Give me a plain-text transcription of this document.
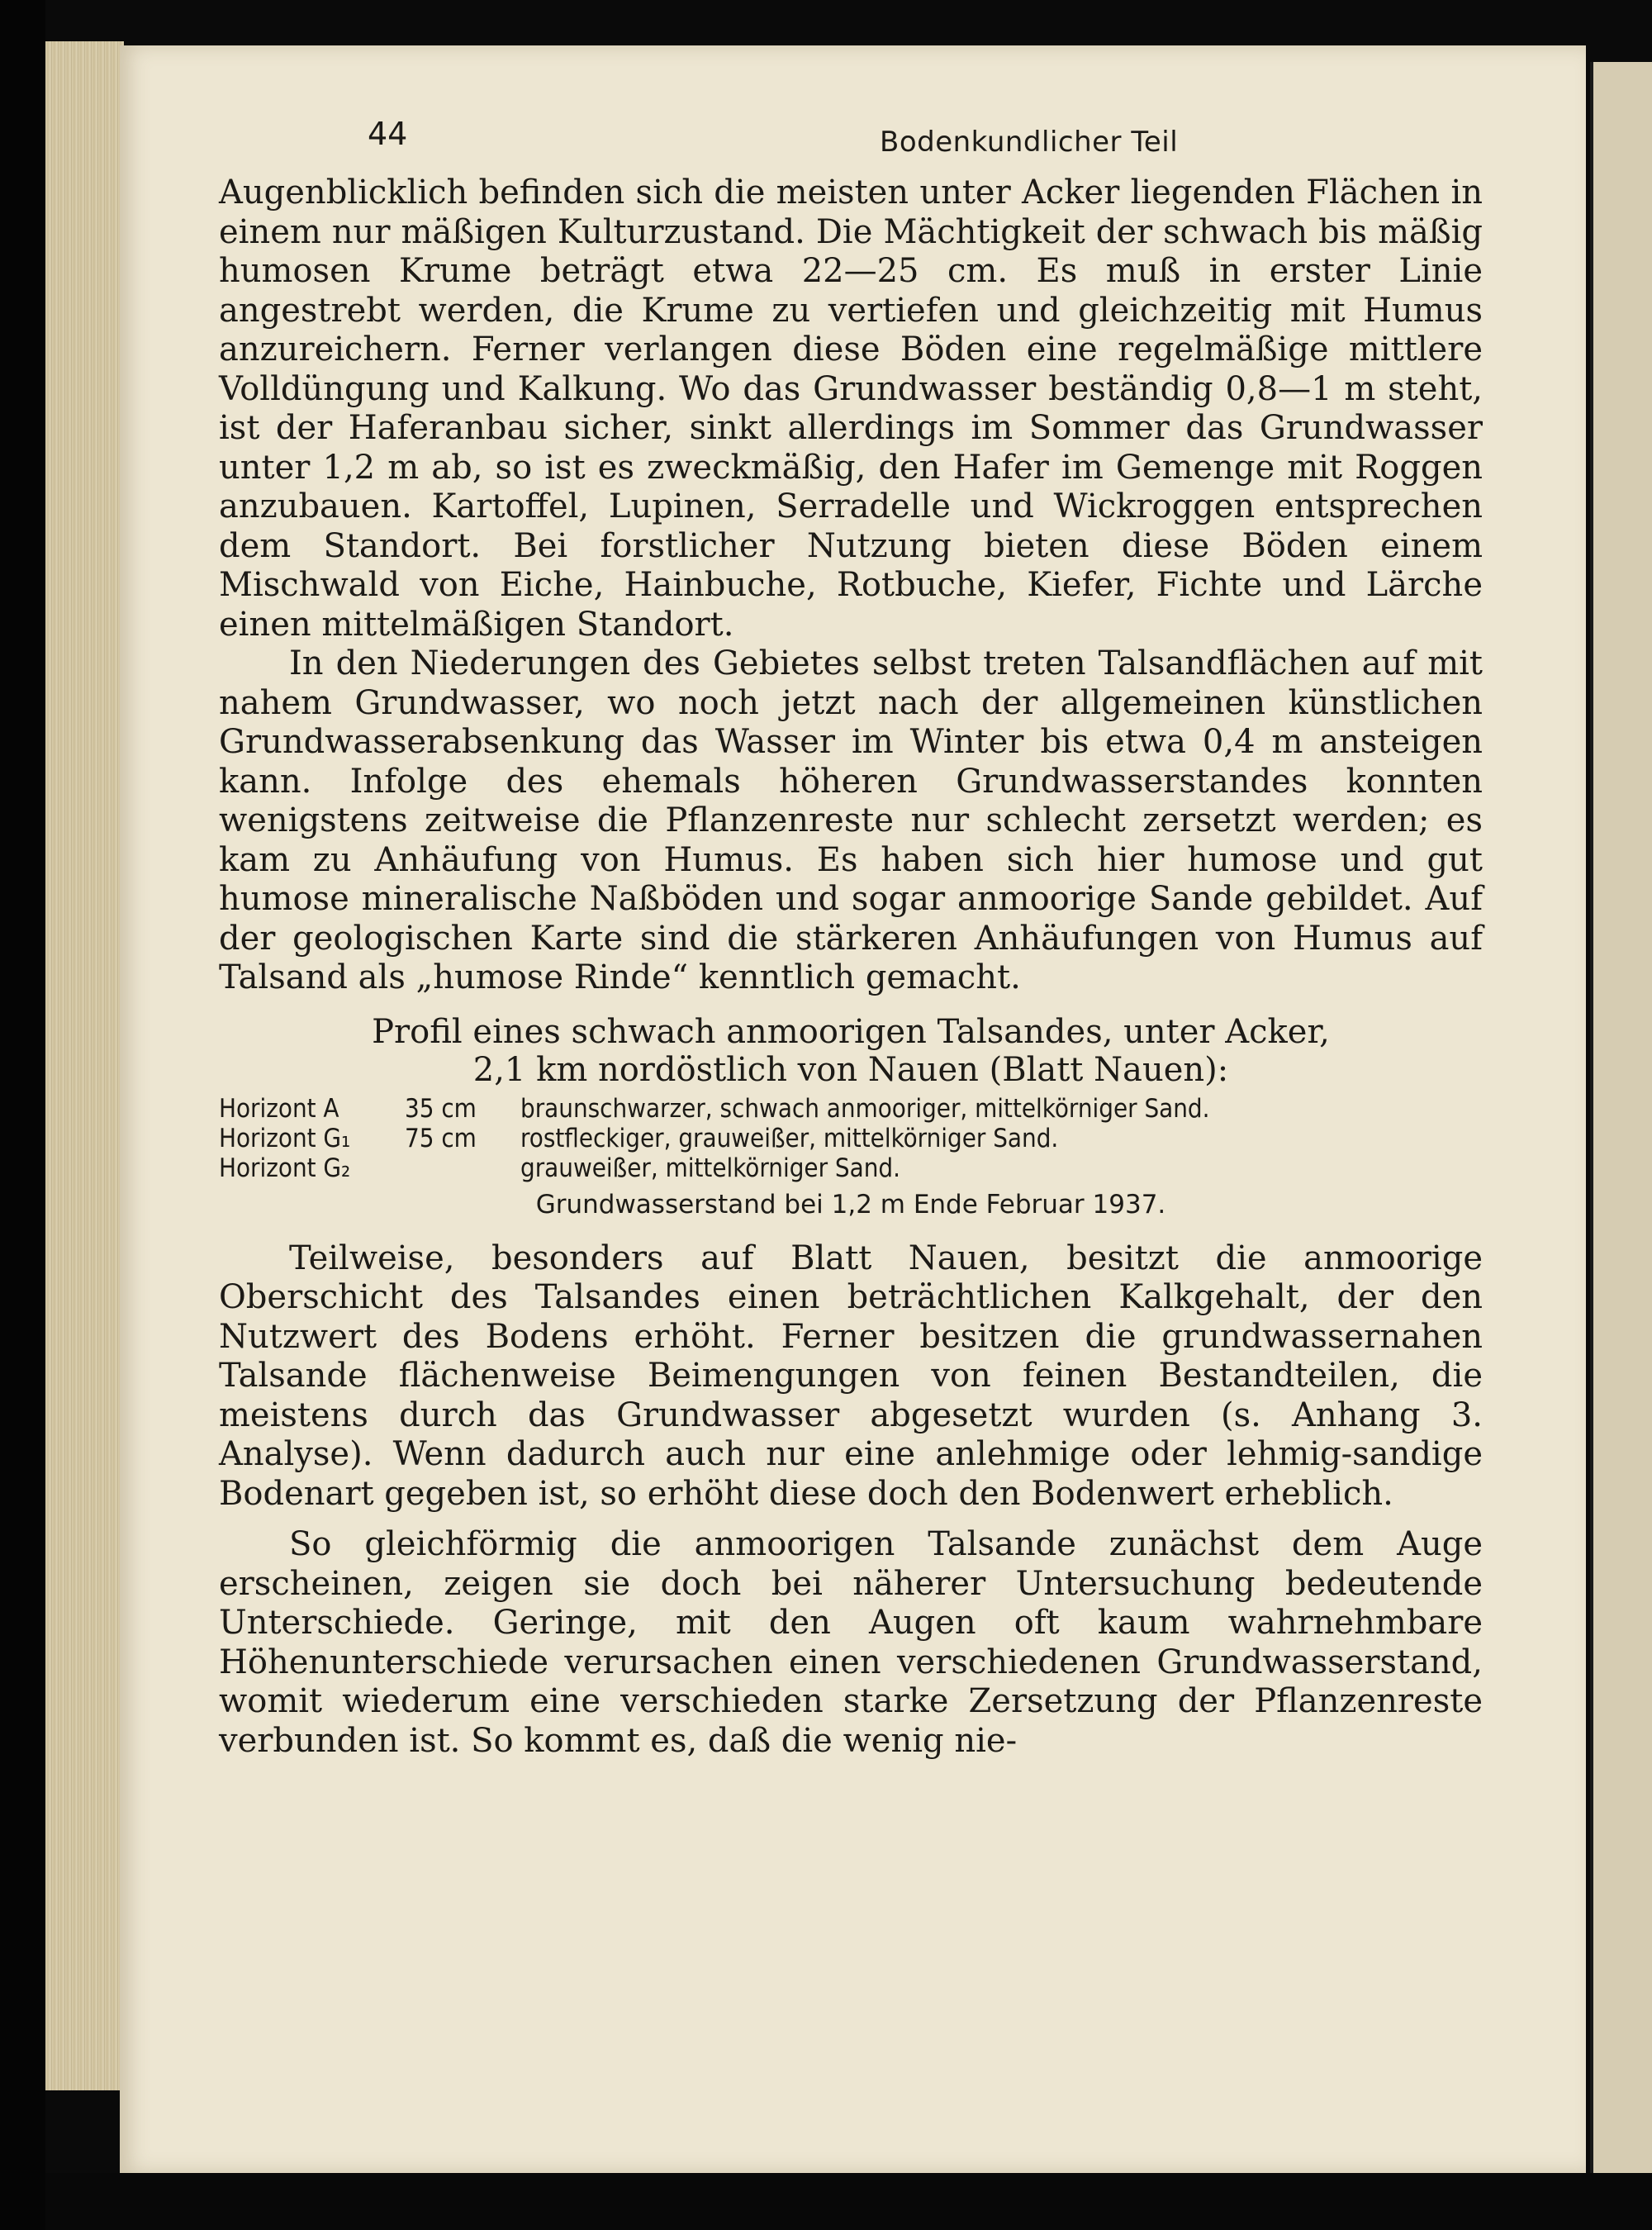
44	Bodenkundlicher Teil

Augenblicklich befinden sich die meisten unter Acker liegenden Flächen in einem nur mäßigen Kulturzustand. Die Mächtigkeit der schwach bis mäßig humosen Krume beträgt etwa 22—25 cm. Es muß in erster Linie angestrebt werden, die Krume zu vertiefen und gleichzeitig mit Humus anzureichern. Ferner verlangen diese Böden eine regelmäßige mittlere Volldüngung und Kalkung. Wo das Grundwasser beständig 0,8—1 m steht, ist der Haferanbau sicher, sinkt allerdings im Sommer das Grundwasser unter 1,2 m ab, so ist es zweckmäßig, den Hafer im Gemenge mit Roggen anzubauen. Kartoffel, Lupinen, Serradelle und Wickroggen entsprechen dem Standort. Bei forstlicher Nutzung bieten diese Böden einem Mischwald von Eiche, Hainbuche, Rotbuche, Kiefer, Fichte und Lärche einen mittelmäßigen Standort.

In den Niederungen des Gebietes selbst treten Talsandflächen auf mit nahem Grundwasser, wo noch jetzt nach der allgemeinen künstlichen Grundwasserabsenkung das Wasser im Winter bis etwa 0,4 m ansteigen kann. Infolge des ehemals höheren Grundwasserstandes konnten wenigstens zeitweise die Pflanzenreste nur schlecht zersetzt werden; es kam zu Anhäufung von Humus. Es haben sich hier humose und gut humose mineralische Naßböden und sogar anmoorige Sande gebildet. Auf der geologischen Karte sind die stärkeren Anhäufungen von Humus auf Talsand als „humose Rinde“ kenntlich gemacht.

Profil eines schwach anmoorigen Talsandes, unter Acker,
2,1 km nordöstlich von Nauen (Blatt Nauen):
Horizont A	35 cm	braunschwarzer, schwach anmooriger, mittelkörniger Sand.
Horizont G₁	75 cm	rostfleckiger, grauweißer, mittelkörniger Sand.
Horizont G₂		grauweißer, mittelkörniger Sand.
Grundwasserstand bei 1,2 m Ende Februar 1937.

Teilweise, besonders auf Blatt Nauen, besitzt die anmoorige Oberschicht des Talsandes einen beträchtlichen Kalkgehalt, der den Nutzwert des Bodens erhöht. Ferner besitzen die grundwassernahen Talsande flächenweise Beimengungen von feinen Bestandteilen, die meistens durch das Grundwasser abgesetzt wurden (s. Anhang 3. Analyse). Wenn dadurch auch nur eine anlehmige oder lehmig-sandige Bodenart gegeben ist, so erhöht diese doch den Bodenwert erheblich.

So gleichförmig die anmoorigen Talsande zunächst dem Auge erscheinen, zeigen sie doch bei näherer Untersuchung bedeutende Unterschiede. Geringe, mit den Augen oft kaum wahrnehmbare Höhenunterschiede verursachen einen verschiedenen Grundwasserstand, womit wiederum eine verschieden starke Zersetzung der Pflanzenreste verbunden ist. So kommt es, daß die wenig nie-
